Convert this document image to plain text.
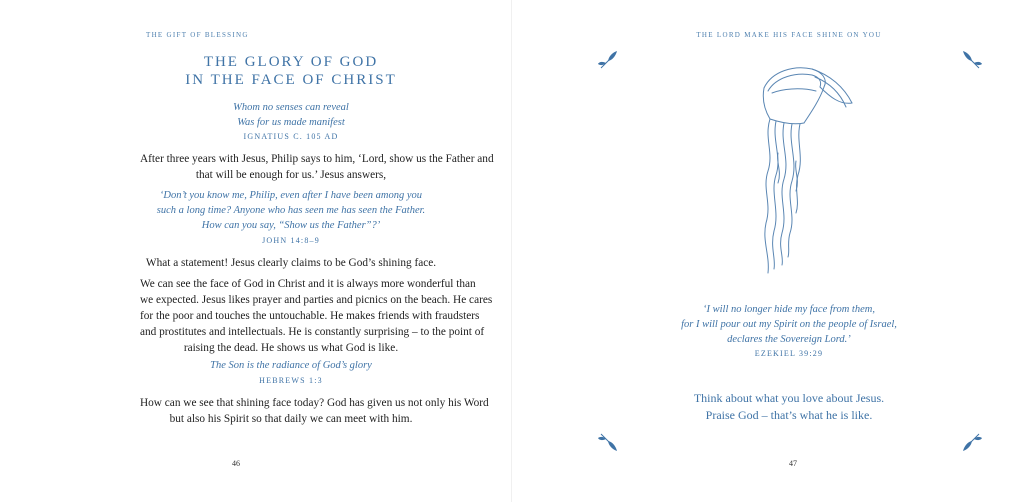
THE GIFT OF BLESSING
THE GLORY OF GOD
IN THE FACE OF CHRIST
Whom no senses can reveal
Was for us made manifest
IGNATIUS C. 105 AD
After three years with Jesus, Philip says to him, ‘Lord, show us the Father and
that will be enough for us.’ Jesus answers,
‘Don’t you know me, Philip, even after I have been among you
such a long time? Anyone who has seen me has seen the Father.
How can you say, “Show us the Father”?’
JOHN 14:8–9
What a statement! Jesus clearly claims to be God’s shining face.
We can see the face of God in Christ and it is always more wonderful than
we expected. Jesus likes prayer and parties and picnics on the beach. He cares
for the poor and touches the untouchable. He makes friends with fraudsters
and prostitutes and intellectuals. He is constantly surprising – to the point of
raising the dead. He shows us what God is like.
The Son is the radiance of God’s glory
HEBREWS 1:3
How can we see that shining face today? God has given us not only his Word
but also his Spirit so that daily we can meet with him.
46
THE LORD MAKE HIS FACE SHINE ON YOU
‘I will no longer hide my face from them,
for I will pour out my Spirit on the people of Israel,
declares the Sovereign Lord.’
EZEKIEL 39:29
Think about what you love about Jesus.
Praise God – that’s what he is like.
47
